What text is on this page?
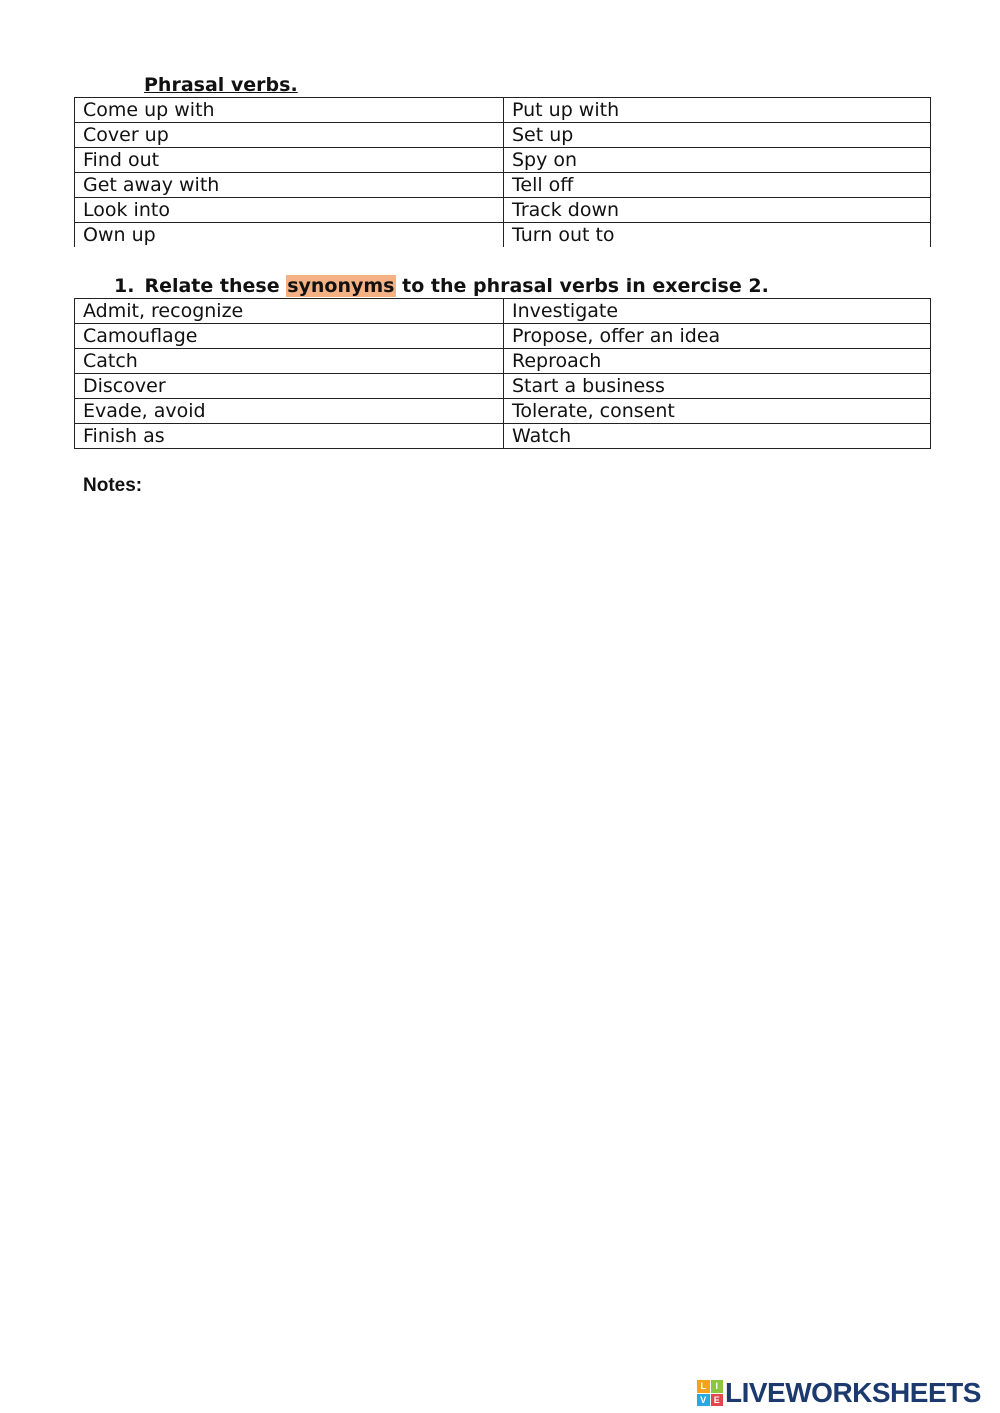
Phrasal verbs.

Come up with	Put up with
Cover up	Set up
Find out	Spy on
Get away with	Tell off
Look into	Track down
Own up	Turn out to

1. Relate these synonyms to the phrasal verbs in exercise 2.

Admit, recognize	Investigate
Camouflage	Propose, offer an idea
Catch	Reproach
Discover	Start a business
Evade, avoid	Tolerate, consent
Finish as	Watch

Notes:

L	I
V E LIVEWORKSHEETS
